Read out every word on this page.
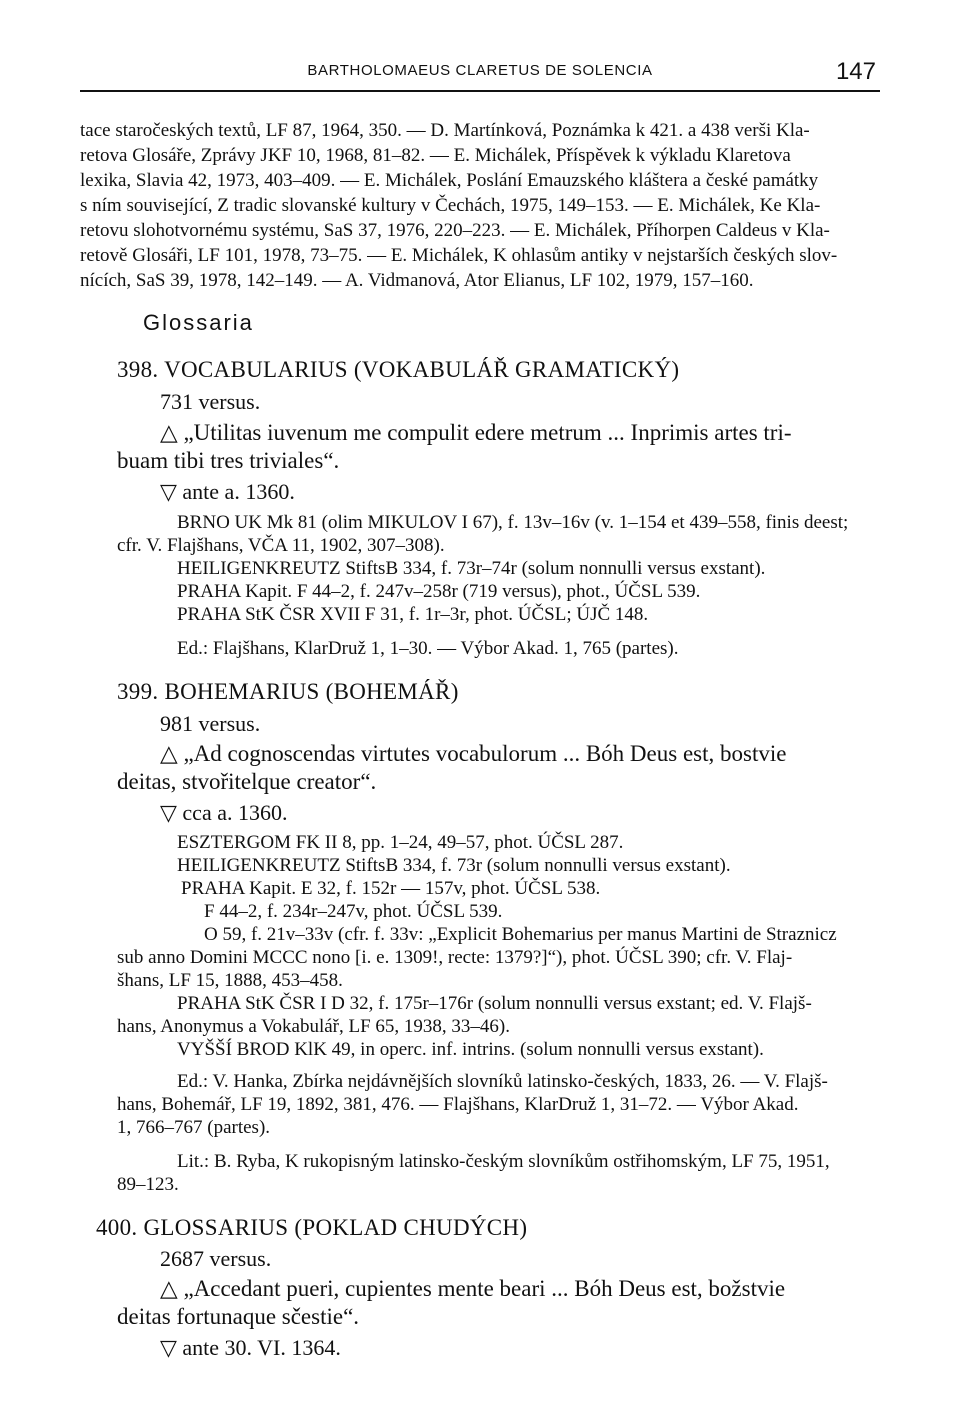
BARTHOLOMAEUS CLARETUS DE SOLENCIA	147
tace staročeských textů, LF 87, 1964, 350. — D. Martínková, Poznámka k 421. a 438 verši Kla-
retova Glosáře, Zprávy JKF 10, 1968, 81–82. — E. Michálek, Příspěvek k výkladu Klaretova
lexika, Slavia 42, 1973, 403–409. — E. Michálek, Poslání Emauzského kláštera a české památky
s ním související, Z tradic slovanské kultury v Čechách, 1975, 149–153. — E. Michálek, Ke Kla-
retovu slohotvornému systému, SaS 37, 1976, 220–223. — E. Michálek, Příhorpen Caldeus v Kla-
retově Glosáři, LF 101, 1978, 73–75. — E. Michálek, K ohlasům antiky v nejstarších českých slov-
nících, SaS 39, 1978, 142–149. — A. Vidmanová, Ator Elianus, LF 102, 1979, 157–160.
Glossaria
398. VOCABULARIUS (VOKABULÁŘ GRAMATICKÝ)
731 versus.
△ „Utilitas iuvenum me compulit edere metrum ... Inprimis artes tri-
buam tibi tres triviales“.
▽ ante a. 1360.
BRNO UK Mk 81 (olim MIKULOV I 67), f. 13v–16v (v. 1–154 et 439–558, finis deest;
cfr. V. Flajšhans, VČA 11, 1902, 307–308).
HEILIGENKREUTZ StiftsB 334, f. 73r–74r (solum nonnulli versus exstant).
PRAHA Kapit. F 44–2, f. 247v–258r (719 versus), phot., ÚČSL 539.
PRAHA StK ČSR XVII F 31, f. 1r–3r, phot. ÚČSL; ÚJČ 148.
Ed.: Flajšhans, KlarDruž 1, 1–30. — Výbor Akad. 1, 765 (partes).
399. BOHEMARIUS (BOHEMÁŘ)
981 versus.
△ „Ad cognoscendas virtutes vocabulorum ... Bóh Deus est, bostvie
deitas, stvořitelque creator“.
▽ cca a. 1360.
ESZTERGOM FK II 8, pp. 1–24, 49–57, phot. ÚČSL 287.
HEILIGENKREUTZ StiftsB 334, f. 73r (solum nonnulli versus exstant).
PRAHA Kapit. E 32, f. 152r — 157v, phot. ÚČSL 538.
F 44–2, f. 234r–247v, phot. ÚČSL 539.
O 59, f. 21v–33v (cfr. f. 33v: „Explicit Bohemarius per manus Martini de Straznicz
sub anno Domini MCCC nono [i. e. 1309!, recte: 1379?]“), phot. ÚČSL 390; cfr. V. Flaj-
šhans, LF 15, 1888, 453–458.
PRAHA StK ČSR I D 32, f. 175r–176r (solum nonnulli versus exstant; ed. V. Flajš-
hans, Anonymus a Vokabulář, LF 65, 1938, 33–46).
VYŠŠÍ BROD KlK 49, in operc. inf. intrins. (solum nonnulli versus exstant).
Ed.: V. Hanka, Zbírka nejdávnějších slovníků latinsko-českých, 1833, 26. — V. Flajš-
hans, Bohemář, LF 19, 1892, 381, 476. — Flajšhans, KlarDruž 1, 31–72. — Výbor Akad.
1, 766–767 (partes).
Lit.: B. Ryba, K rukopisným latinsko-českým slovníkům ostřihomským, LF 75, 1951,
89–123.
400. GLOSSARIUS (POKLAD CHUDÝCH)
2687 versus.
△ „Accedant pueri, cupientes mente beari ... Bóh Deus est, božstvie
deitas fortunaque sčestie“.
▽ ante 30. VI. 1364.
